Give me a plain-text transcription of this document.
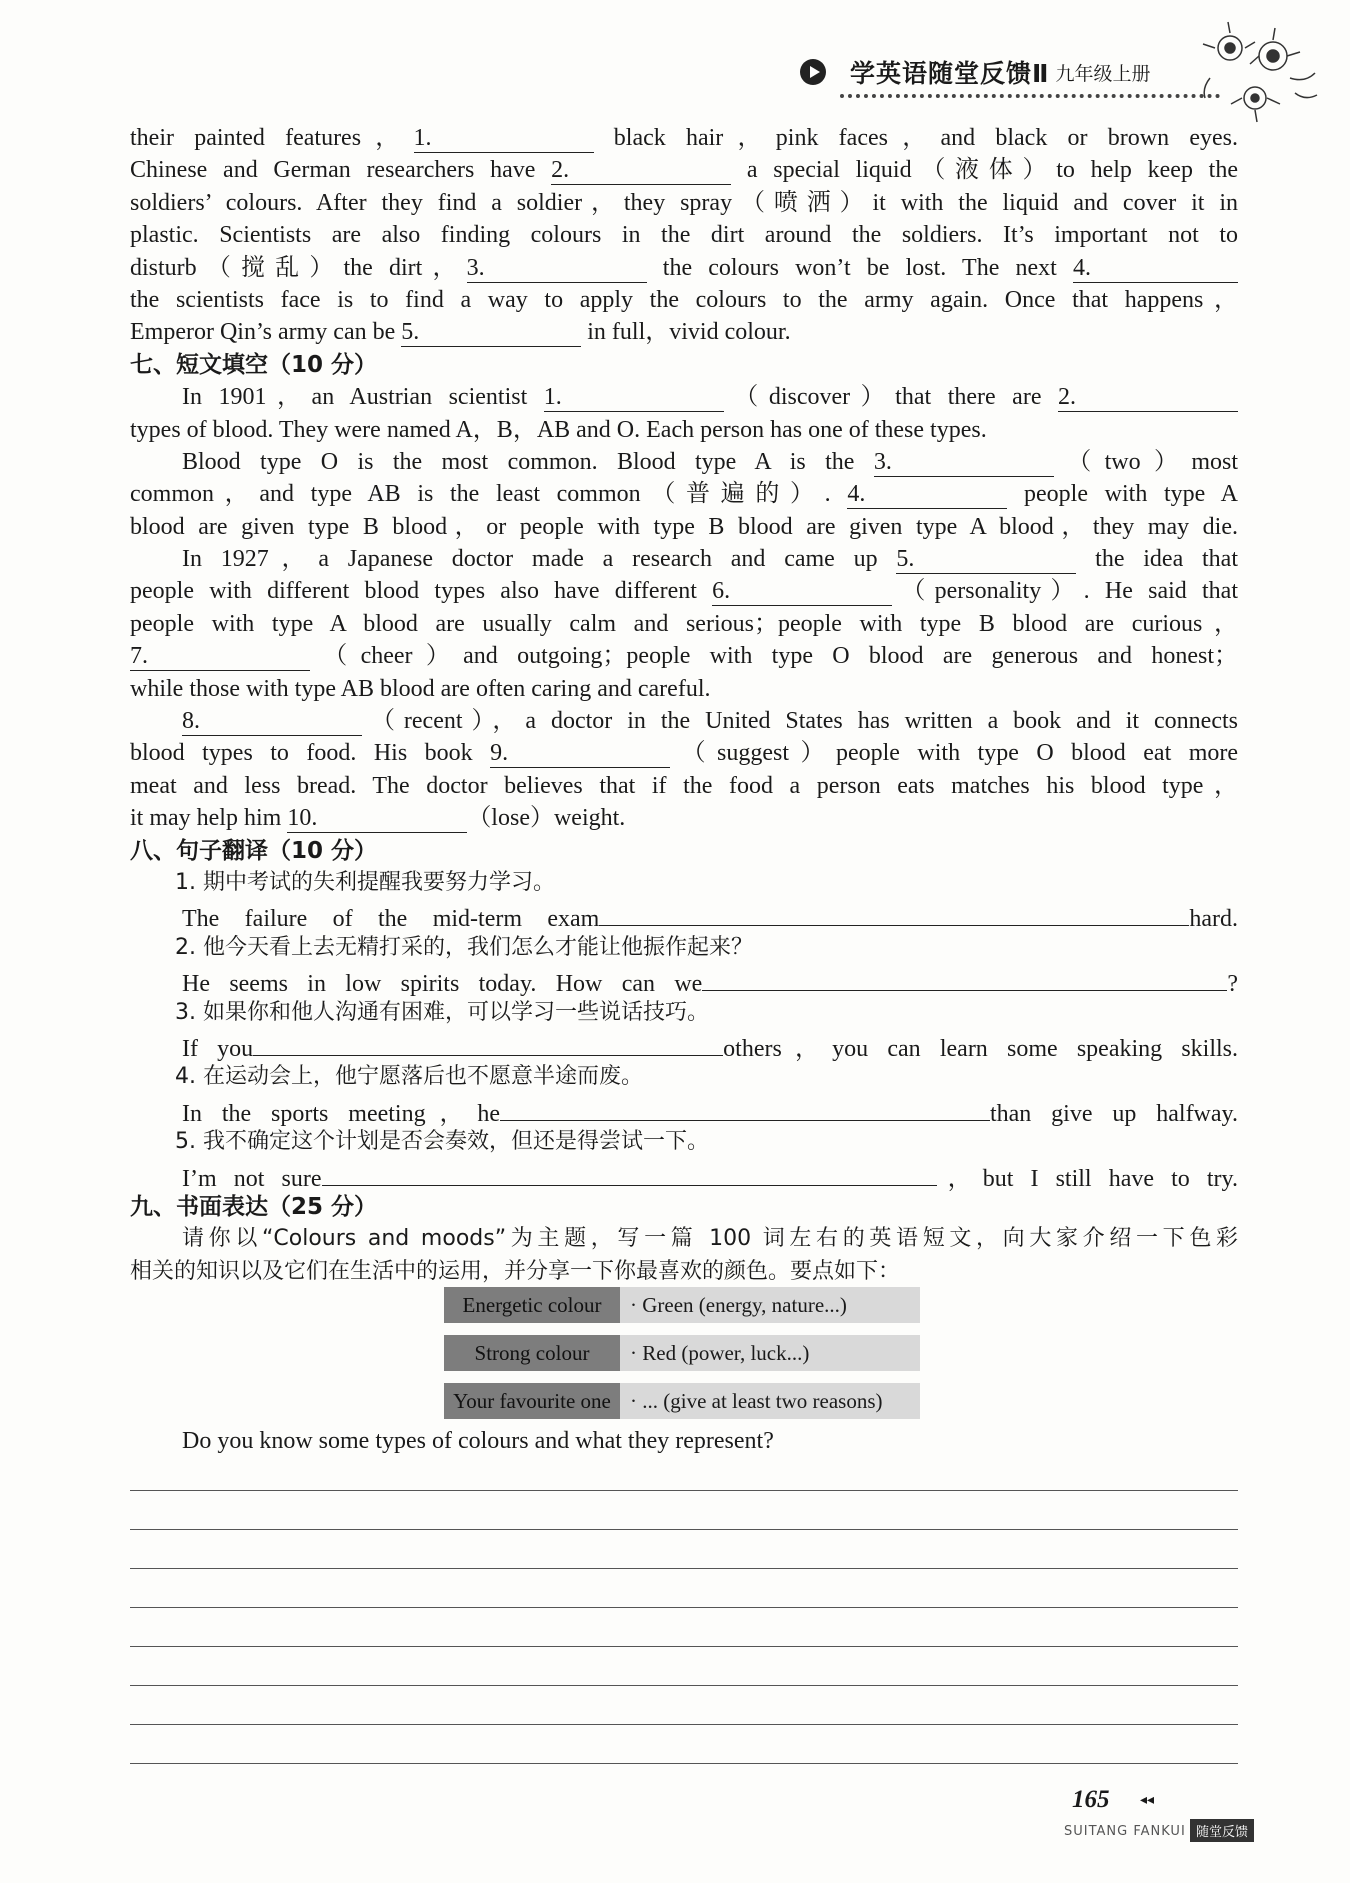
学英语随堂反馈Ⅱ 九年级上册
their painted features，1.	black hair，pink faces，and black or brown eyes.
Chinese and German researchers have 2.	a special liquid（液体）to help keep the
soldiers’ colours. After they find a soldier，they spray（喷洒）it with the liquid and cover it in
plastic. Scientists are also finding colours in the dirt around the soldiers. It’s important not to
disturb（搅乱）the dirt，3.	the colours won’t be lost. The next 4.
the scientists face is to find a way to apply the colours to the army again. Once that happens，
Emperor Qin’s army can be 5.	in full，vivid colour.
七、短文填空（10 分）
In 1901，an Austrian scientist 1.	（discover）that there are 2.
types of blood. They were named A，B，AB and O. Each person has one of these types.
Blood type O is the most common. Blood type A is the 3.	（two）most
common，and type AB is the least common（普遍的）. 4.	people with type A
blood are given type B blood，or people with type B blood are given type A blood，they may die.
In 1927，a Japanese doctor made a research and came up 5.	the idea that
people with different blood types also have different 6.	（personality）. He said that
people with type A blood are usually calm and serious；people with type B blood are curious，
7.	（cheer）and outgoing；people with type O blood are generous and honest；
while those with type AB blood are often caring and careful.
8.	（recent），a doctor in the United States has written a book and it connects
blood types to food. His book 9.	（suggest）people with type O blood eat more
meat and less bread. The doctor believes that if the food a person eats matches his blood type，
it may help him 10.	（lose）weight.
八、句子翻译（10 分）
1. 期中考试的失利提醒我要努力学习。
The failure of the mid-term exam	hard.
2. 他今天看上去无精打采的，我们怎么才能让他振作起来？
He seems in low spirits today. How can we	?
3. 如果你和他人沟通有困难，可以学习一些说话技巧。
If you	others，you can learn some speaking skills.
4. 在运动会上，他宁愿落后也不愿意半途而废。
In the sports meeting，he	than give up halfway.
5. 我不确定这个计划是否会奏效，但还是得尝试一下。
I’m not sure	，but I still have to try.
九、书面表达（25 分）
请你以“Colours and moods”为主题，写一篇 100 词左右的英语短文，向大家介绍一下色彩
相关的知识以及它们在生活中的运用，并分享一下你最喜欢的颜色。要点如下：
Energetic colour	· Green (energy, nature...)
Strong colour	· Red (power, luck...)
Your favourite one · ... (give at least two reasons)
Do you know some types of colours and what they represent?
165 ◂◂
SUITANG FANKUI 随堂反馈
